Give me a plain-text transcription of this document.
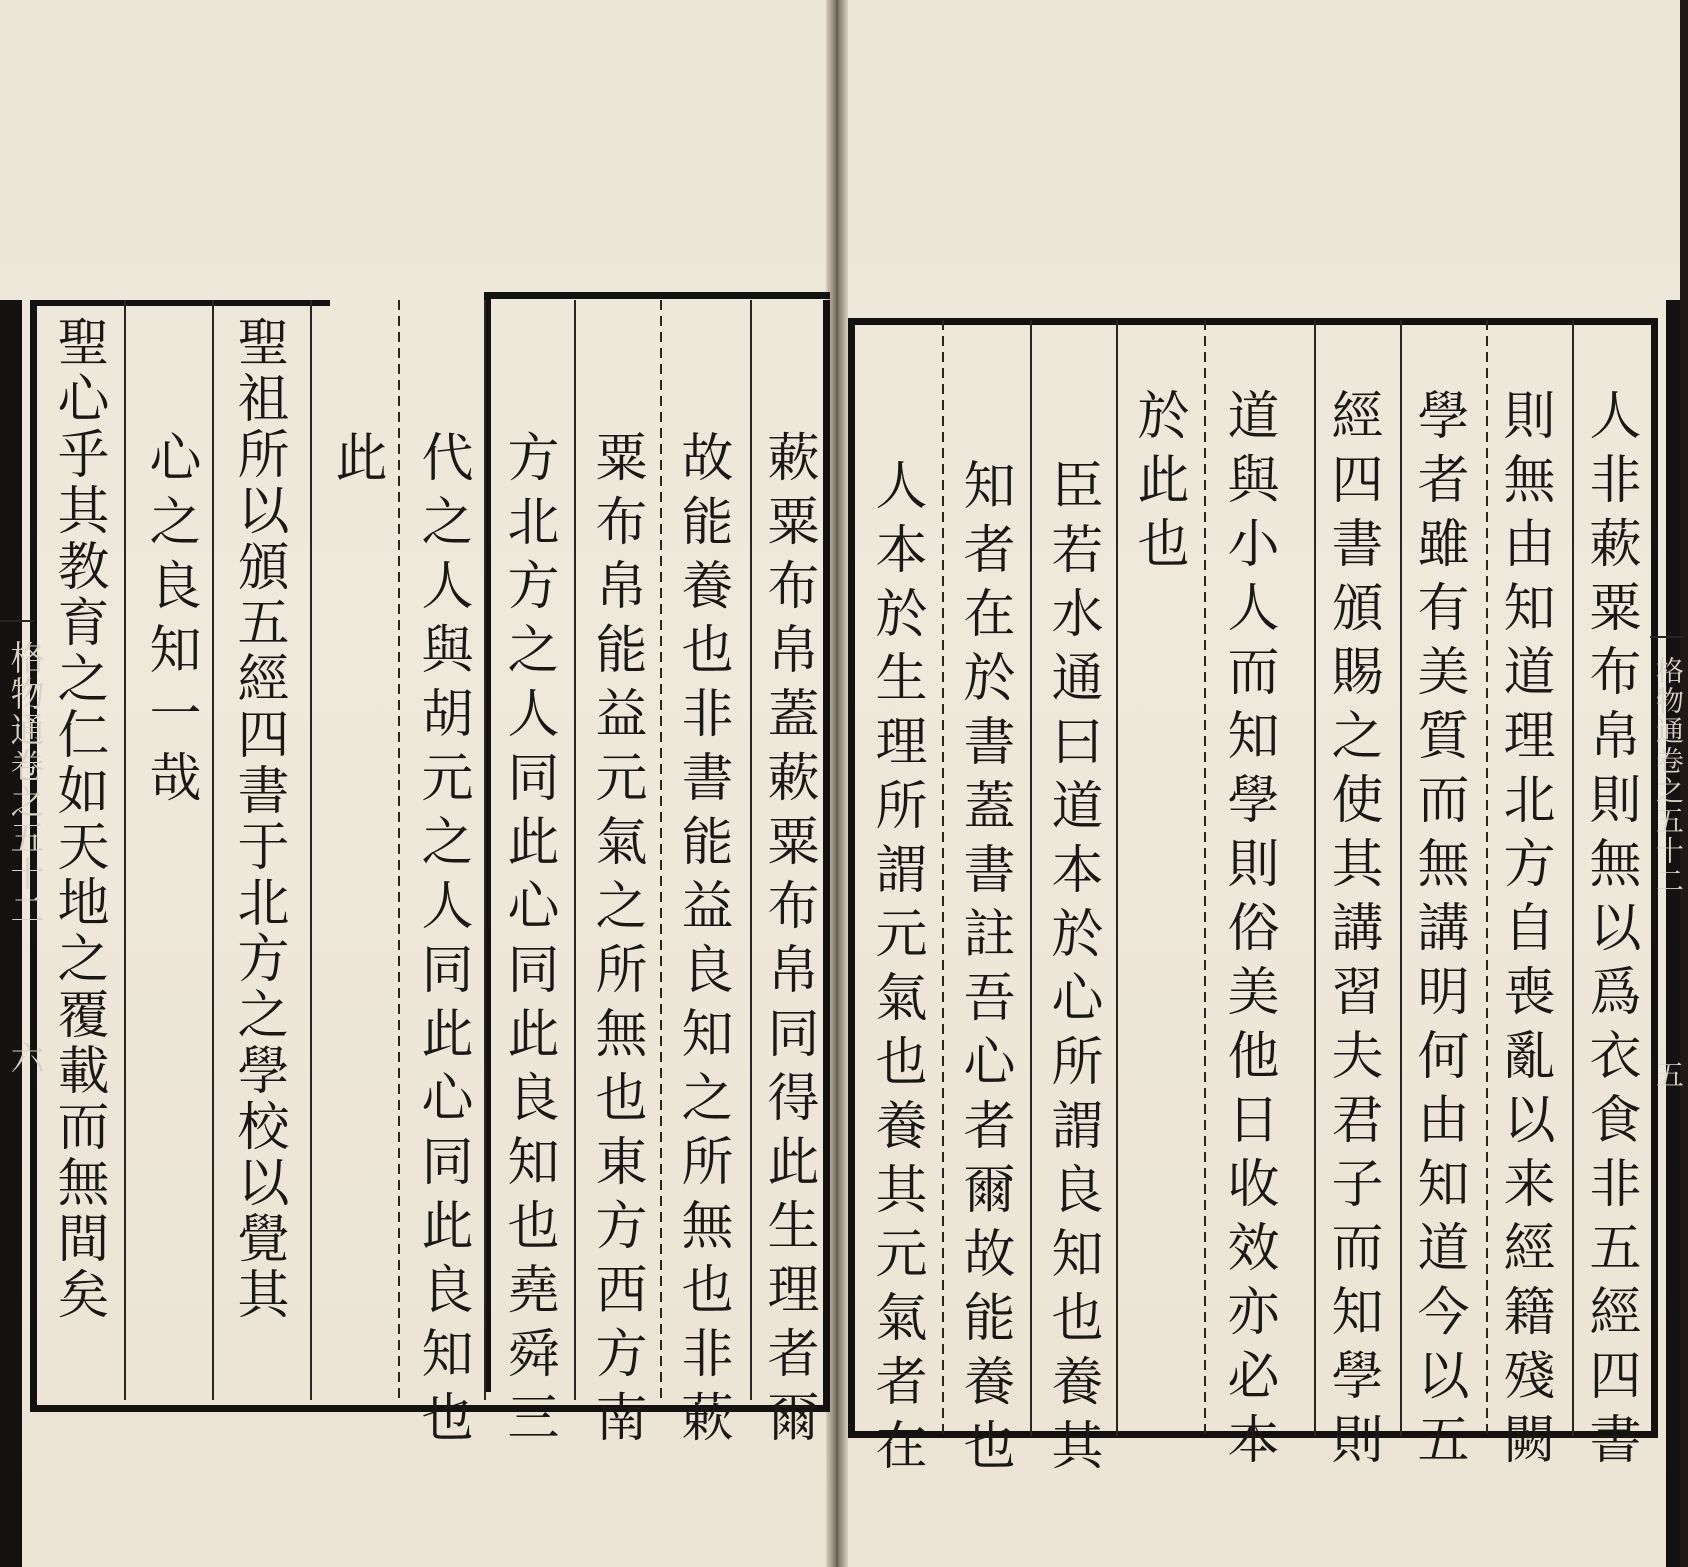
此	蔌粟布帛蓋蔌粟布帛同得此生理者爾
故能養也非書能益良知之所無也非蔌
粟布帛能益元氣之所無也東方西方南
方北方之人同此心同此良知也堯舜三
代之人與胡元之人同此心同此良知也
聖祖所以頒五經四書于北方之學校以覺其
心之良知一哉
聖心乎其教育之仁如天地之覆載而無間矣
格物通卷之五十二
六	人非蔌粟布帛則無以爲衣食非五經四書
則無由知道理北方自喪亂以来經籍殘闕
學者雖有美質而無講明何由知道今以五
經四書頒賜之使其講習夫君子而知學則
道與小人而知學則俗美他日收效亦必本
於此也
臣若水通曰道本於心所謂良知也養其
知者在於書蓋書註吾心者爾故能養也
人本於生理所謂元氣也養其元氣者在	格物通卷之五十二
五
